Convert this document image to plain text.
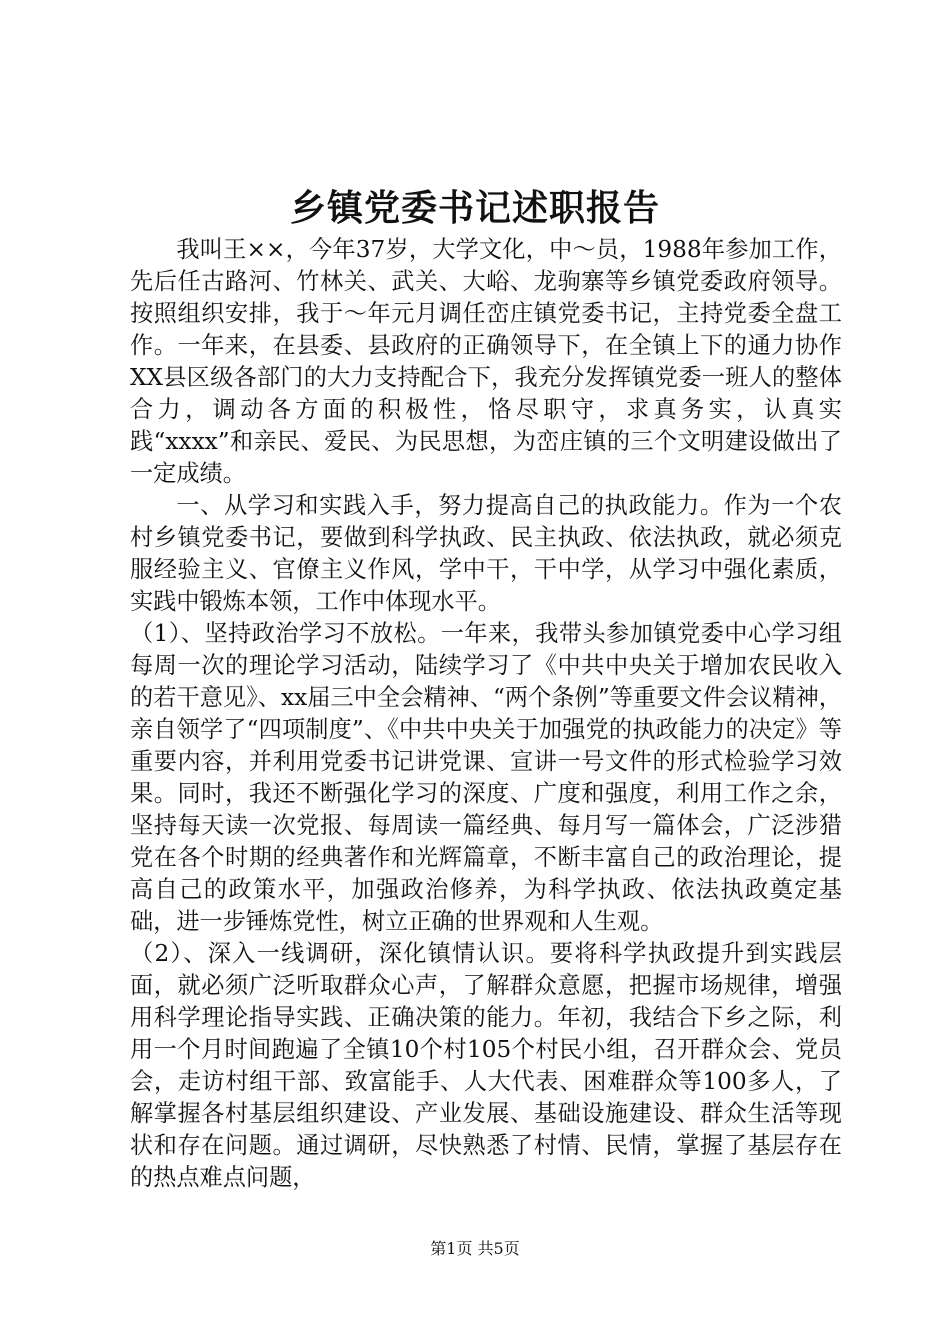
乡镇党委书记述职报告

我叫王××，今年37岁，大学文化，中～员，1988年参加工作，先后任古路河、竹林关、武关、大峪、龙驹寨等乡镇党委政府领导。按照组织安排，我于～年元月调任峦庄镇党委书记，主持党委全盘工作。一年来，在县委、县政府的正确领导下，在全镇上下的通力协作XX县区级各部门的大力支持配合下，我充分发挥镇党委一班人的整体合力，调动各方面的积极性，恪尽职守，求真务实，认真实践“xxxx”和亲民、爱民、为民思想，为峦庄镇的三个文明建设做出了一定成绩。

一、从学习和实践入手，努力提高自己的执政能力。作为一个农村乡镇党委书记，要做到科学执政、民主执政、依法执政，就必须克服经验主义、官僚主义作风，学中干，干中学，从学习中强化素质，实践中锻炼本领，工作中体现水平。

（1）、坚持政治学习不放松。一年来，我带头参加镇党委中心学习组每周一次的理论学习活动，陆续学习了《中共中央关于增加农民收入的若干意见》、xx届三中全会精神、“两个条例”等重要文件会议精神，亲自领学了“四项制度”、《中共中央关于加强党的执政能力的决定》等重要内容，并利用党委书记讲党课、宣讲一号文件的形式检验学习效果。同时，我还不断强化学习的深度、广度和强度，利用工作之余，坚持每天读一次党报、每周读一篇经典、每月写一篇体会，广泛涉猎党在各个时期的经典著作和光辉篇章，不断丰富自己的政治理论，提高自己的政策水平，加强政治修养，为科学执政、依法执政奠定基础，进一步锤炼党性，树立正确的世界观和人生观。

（2）、深入一线调研，深化镇情认识。要将科学执政提升到实践层面，就必须广泛听取群众心声，了解群众意愿，把握市场规律，增强用科学理论指导实践、正确决策的能力。年初，我结合下乡之际，利用一个月时间跑遍了全镇10个村105个村民小组，召开群众会、党员会，走访村组干部、致富能手、人大代表、困难群众等100多人，了解掌握各村基层组织建设、产业发展、基础设施建设、群众生活等现状和存在问题。通过调研，尽快熟悉了村情、民情，掌握了基层存在的热点难点问题，

第1页 共5页
